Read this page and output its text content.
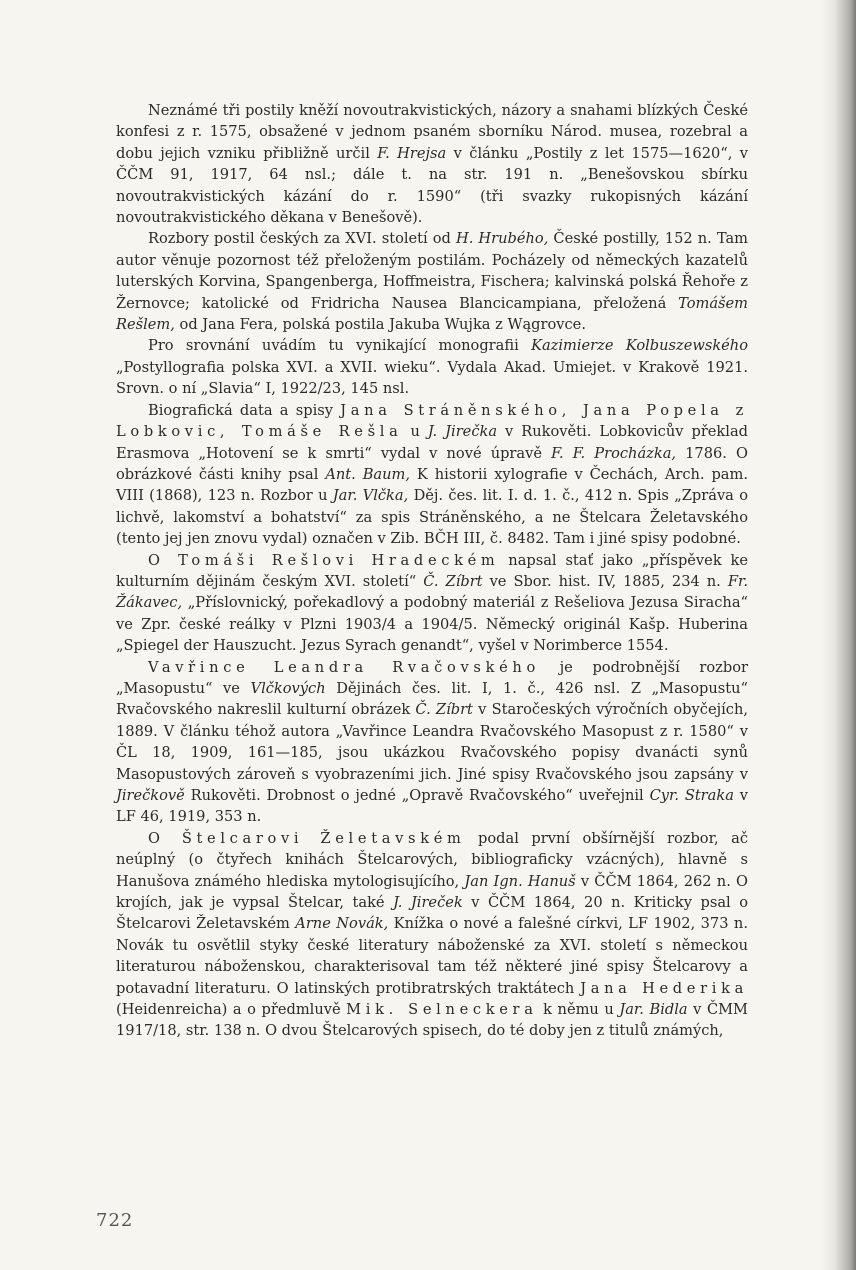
Neznámé tři postily kněží novoutrakvistických, názory a snahami blízkých České konfesi z r. 1575, obsažené v jednom psaném sborníku Národ. musea, rozebral a dobu jejich vzniku přibližně určil F. Hrejsa v článku „Postily z let 1575—1620“, v ČČM 91, 1917, 64 nsl.; dále t. na str. 191 n. „Benešovskou sbírku novoutrakvistických kázání do r. 1590“ (tři svazky rukopisných kázání novoutrakvistického děkana v Benešově).

Rozbory postil českých za XVI. století od H. Hrubého, České postilly, 152 n. Tam autor věnuje pozornost též přeloženým postilám. Pocházely od německých kazatelů luterských Korvina, Spangenberga, Hoffmeistra, Fischera; kalvinská polská Řehoře z Žernovce; katolické od Fridricha Nausea Blancicampiana, přeložená Tomášem Rešlem, od Jana Fera, polská postila Jakuba Wujka z Wągrovce.

Pro srovnání uvádím tu vynikající monografii Kazimierze Kolbuszewského „Postyllografia polska XVI. a XVII. wieku“. Vydala Akad. Umiejet. v Krakově 1921. Srovn. o ní „Slavia“ I, 1922/23, 145 nsl.

Biografická data a spisy Jana Stráněnského, Jana Popela z Lobkovic, Tomáše Rešla u J. Jirečka v Rukověti. Lobkovicův překlad Erasmova „Hotovení se k smrti“ vydal v nové úpravě F. F. Procházka, 1786. O obrázkové části knihy psal Ant. Baum, K historii xylografie v Čechách, Arch. pam. VIII (1868), 123 n. Rozbor u Jar. Vlčka, Děj. čes. lit. I. d. 1. č., 412 n. Spis „Zpráva o lichvě, lakomství a bohatství“ za spis Stráněnského, a ne Štelcara Želetavského (tento jej jen znovu vydal) označen v Zib. BČH III, č. 8482. Tam i jiné spisy podobné.

O Tomáši Rešlovi Hradeckém napsal stať jako „příspěvek ke kulturním dějinám českým XVI. století“ Č. Zíbrt ve Sbor. hist. IV, 1885, 234 n. Fr. Žákavec, „Příslovnický, pořekadlový a podobný materiál z Rešeliova Jezusa Siracha“ ve Zpr. české reálky v Plzni 1903/4 a 1904/5. Německý originál Kašp. Huberina „Spiegel der Hauszucht. Jezus Syrach genandt“, vyšel v Norimberce 1554.

Vavřince Leandra Rvačovského je podrobnější rozbor „Masopustu“ ve Vlčkových Dějinách čes. lit. I, 1. č., 426 nsl. Z „Masopustu“ Rvačovského nakreslil kulturní obrázek Č. Zíbrt v Staročeských výročních obyčejích, 1889. V článku téhož autora „Vavřince Leandra Rvačovského Masopust z r. 1580“ v ČL 18, 1909, 161—185, jsou ukázkou Rvačovského popisy dvanácti synů Masopustových zároveň s vyobrazeními jich. Jiné spisy Rvačovského jsou zapsány v Jirečkově Rukověti. Drobnost o jedné „Opravě Rvačovského“ uveřejnil Cyr. Straka v LF 46, 1919, 353 n.

O Štelcarovi Želetavském podal první obšírnější rozbor, ač neúplný (o čtyřech knihách Štelcarových, bibliograficky vzácných), hlavně s Hanušova známého hlediska mytologisujícího, Jan Ign. Hanuš v ČČM 1864, 262 n. O krojích, jak je vypsal Štelcar, také J. Jireček v ČČM 1864, 20 n. Kriticky psal o Štelcarovi Želetavském Arne Novák, Knížka o nové a falešné církvi, LF 1902, 373 n. Novák tu osvětlil styky české literatury náboženské za XVI. století s německou literaturou náboženskou, charakterisoval tam též některé jiné spisy Štelcarovy a potavadní literaturu. O latinských protibratrských traktátech Jana Hederika (Heidenreicha) a o předmluvě Mik. Selneckera k němu u Jar. Bidla v ČMM 1917/18, str. 138 n. O dvou Štelcarových spisech, do té doby jen z titulů známých,

722
